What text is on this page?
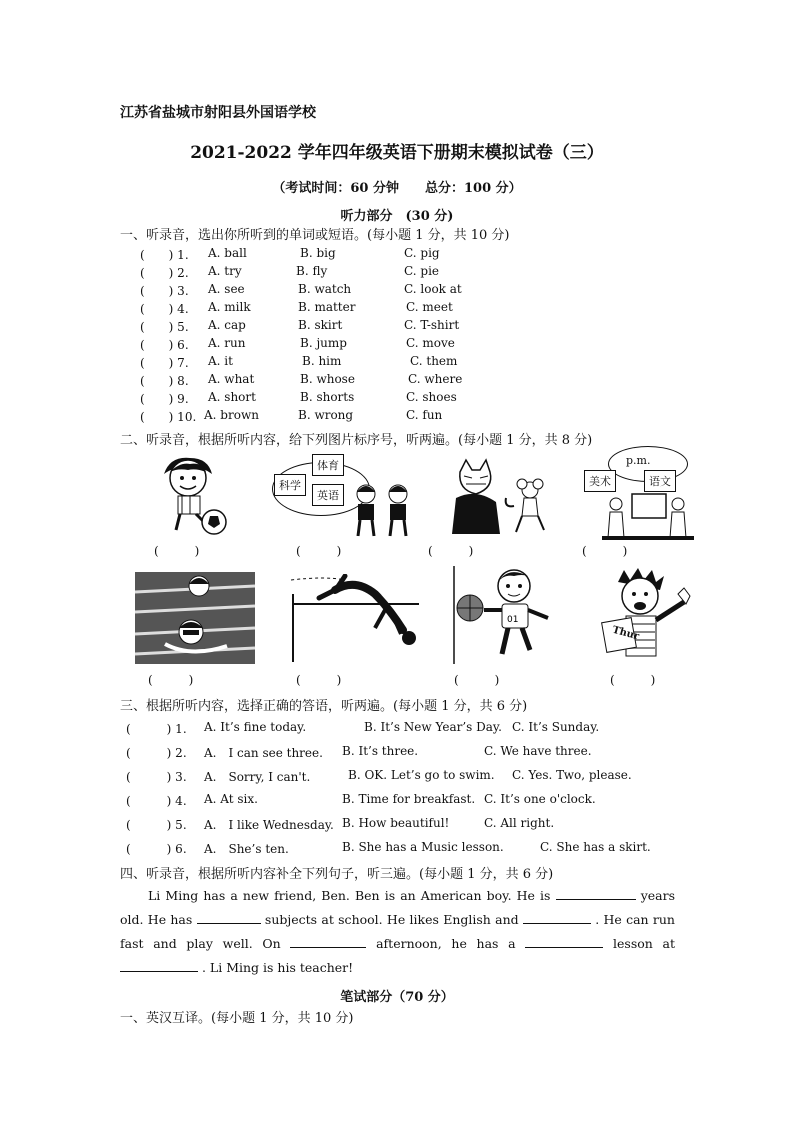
江苏省盐城市射阳县外国语学校
2021-2022 学年四年级英语下册期末模拟试卷（三）
（考试时间：60 分钟　　总分：100 分）
听力部分　(30 分)
一、听录音，选出你所听到的单词或短语。(每小题 1 分，共 10 分)
(　　) 1. A. ball	B. big	C. pig
(　　) 2. A. try	B. fly	C. pie
(　　) 3. A. see	B. watch	C. look at
(　　) 4. A. milk	B. matter	C. meet
(　　) 5. A. cap	B. skirt	C. T-shirt
(　　) 6. A. run	B. jump	C. move
(　　) 7. A. it	B. him	C. them
(　　) 8. A. what	B. whose	C. where
(　　) 9. A. short	B. shorts	C. shoes
(　　) 10. A. brown	B. wrong	C. fun
二、听录音，根据所听内容，给下列图片标序号，听两遍。(每小题 1 分，共 8 分)
体育
科学
英语
p.m.
美术	语文
(　　　)	(　　　)	(　　　)	(　　　)
01
Thur
(　　　)	(　　　)	(　　　)	(　　　)
三、根据所听内容，选择正确的答语，听两遍。(每小题 1 分，共 6 分)
(　　　) 1. A. It’s fine today.	B. It’s New Year’s Day. C. It’s Sunday.
(　　　) 2. A.　I can see three. B. It’s three.	C. We have three.
(　　　) 3. A.　Sorry, I can't.	B. OK. Let’s go to swim. C. Yes. Two, please.
(　　　) 4. A. At six.	B. Time for breakfast. C. It’s one o'clock.
(　　　) 5. A.　I like Wednesday. B. How beautiful!	C. All right.
(　　　) 6. A.　She’s ten.	B. She has a Music lesson.	C. She has a skirt.
四、听录音，根据所听内容补全下列句子，听三遍。(每小题 1 分，共 6 分)

Li Ming has a new friend, Ben. Ben is an American boy. He is	years old. He has	subjects at school. He likes English and	. He can run fast and play well. On	afternoon, he has a	lesson at  . Li Ming is his teacher!

笔试部分（70 分）
一、英汉互译。(每小题 1 分，共 10 分)
